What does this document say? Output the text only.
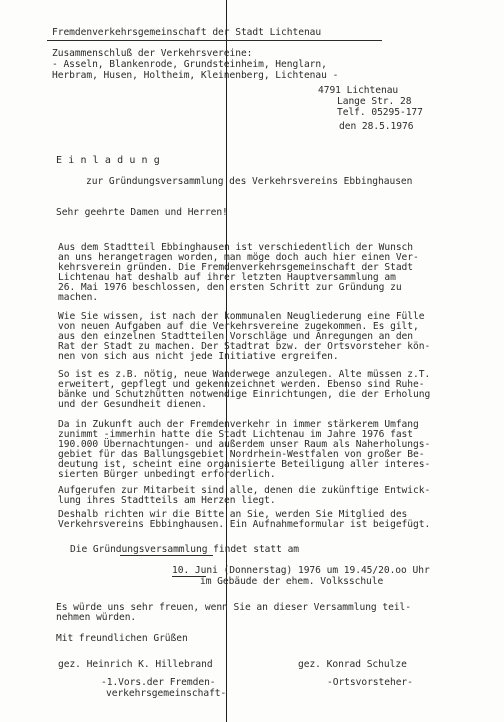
Fremdenverkehrsgemeinschaft der Stadt Lichtenau
Zusammenschluß der Verkehrsvereine:
- Asseln, Blankenrode, Grundsteinheim, Henglarn,
Herbram, Husen, Holtheim, Kleinenberg, Lichtenau -
4791 Lichtenau
Lange Str. 28
Telf. 05295-177
den 28.5.1976
Einladung
zur Gründungsversammlung des Verkehrsvereins Ebbinghausen
Sehr geehrte Damen und Herren!
Aus dem Stadtteil Ebbinghausen ist verschiedentlich der Wunsch
an uns herangetragen worden, man möge doch auch hier einen Ver-
kehrsverein gründen. Die Fremdenverkehrsgemeinschaft der Stadt
Lichtenau hat deshalb auf ihrer letzten Hauptversammlung am
26. Mai 1976 beschlossen, den ersten Schritt zur Gründung zu
machen.
Wie Sie wissen, ist nach der kommunalen Neugliederung eine Fülle
von neuen Aufgaben auf die Verkehrsvereine zugekommen. Es gilt,
aus den einzelnen Stadtteilen Vorschläge und Anregungen an den
Rat der Stadt zu machen. Der Stadtrat bzw. der Ortsvorsteher kön-
nen von sich aus nicht jede Initiative ergreifen.
So ist es z.B. nötig, neue Wanderwege anzulegen. Alte müssen z.T.
erweitert, gepflegt und gekennzeichnet werden. Ebenso sind Ruhe-
bänke und Schutzhütten notwendige Einrichtungen, die der Erholung
und der Gesundheit dienen.
Da in Zukunft auch der Fremdenverkehr in immer stärkerem Umfang
zunimmt -immerhin hatte die Stadt Lichtenau im Jahre 1976 fast
190.000 Übernachtungen- und außerdem unser Raum als Naherholungs-
gebiet für das Ballungsgebiet Nordrhein-Westfalen von großer Be-
deutung ist, scheint eine organisierte Beteiligung aller interes-
sierten Bürger unbedingt erforderlich.
Aufgerufen zur Mitarbeit sind alle, denen die zukünftige Entwick-
lung ihres Stadtteils am Herzen liegt.
Deshalb richten wir die Bitte an Sie, werden Sie Mitglied des
Verkehrsvereins Ebbinghausen. Ein Aufnahmeformular ist beigefügt.
Die Gründungsversammlung findet statt am
10. Juni (Donnerstag) 1976 um 19.45/20.oo Uhr
im Gebäude der ehem. Volksschule
Es würde uns sehr freuen, wenn Sie an dieser Versammlung teil-
nehmen würden.
Mit freundlichen Grüßen
gez. Heinrich K. Hillebrand
-1.Vors.der Fremden-
verkehrsgemeinschaft-
gez. Konrad Schulze
-Ortsvorsteher-
